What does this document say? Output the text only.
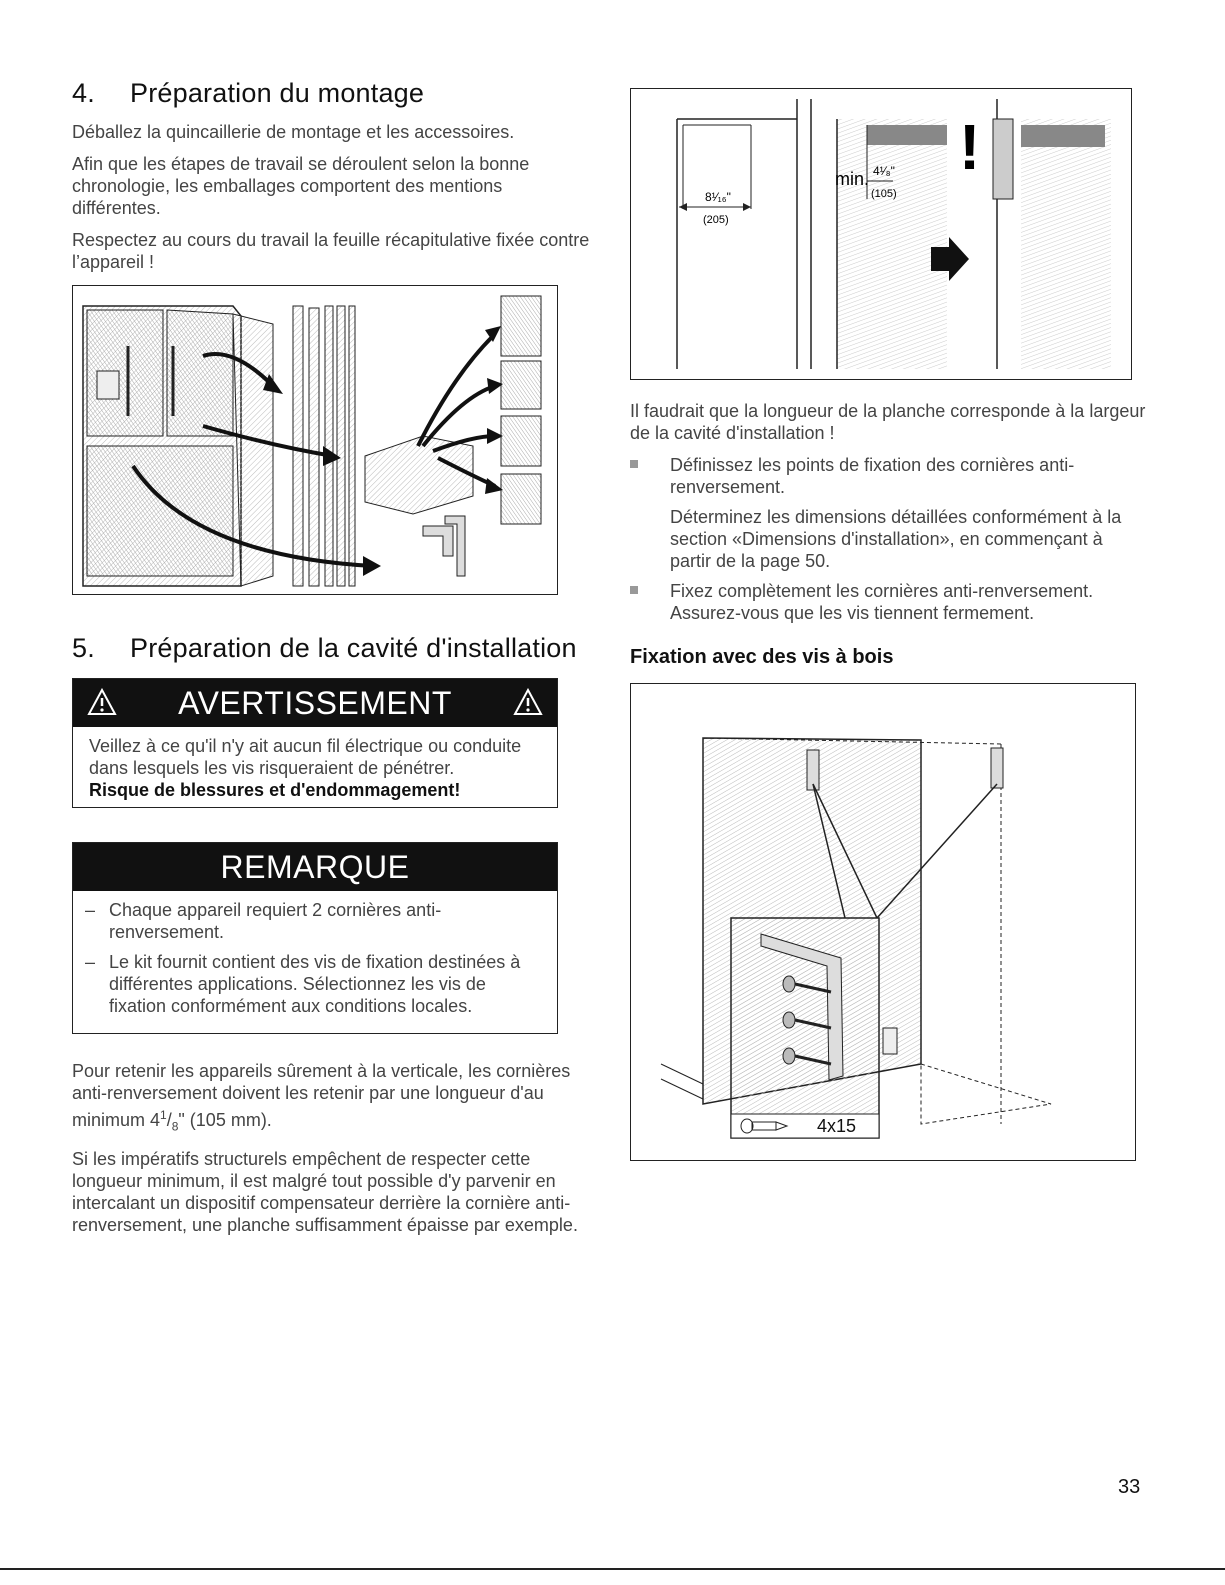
4. Préparation du montage

Déballez la quincaillerie de montage et les accessoires.

Afin que les étapes de travail se déroulent selon la bonne chronologie, les emballages comportent des mentions différentes.

Respectez au cours du travail la feuille récapitulative fixée contre l’appareil !

5. Préparation de la cavité d'installation
AVERTISSEMENT
Veillez à ce qu'il n'y ait aucun fil électrique ou conduite dans lesquels les vis risqueraient de pénétrer.
Risque de blessures et d'endommagement!
REMARQUE
– Chaque appareil requiert 2 cornières anti-renversement.
– Le kit fournit contient des vis de fixation destinées à différentes applications. Sélectionnez les vis de fixation conformément aux conditions locales.

Pour retenir les appareils sûrement à la verticale, les cornières anti-renversement doivent les retenir par une longueur d'au minimum $4^1/_8$" (105 mm).

Si les impératifs structurels empêchent de respecter cette longueur minimum, il est malgré tout possible d'y parvenir en intercalant un dispositif compensateur derrière la cornière anti-renversement, une planche suffisamment épaisse par exemple.

8¹⁄₁₆"
(205)
min. 4¹⁄₈"
(105)
!

Il faudrait que la longueur de la planche corresponde à la largeur de la cavité d'installation !

Définissez les points de fixation des cornières anti-renversement.

Déterminez les dimensions détaillées conformément à la section «Dimensions d'installation», en commençant à partir de la page 50.

Fixez complètement les cornières anti-renversement. Assurez-vous que les vis tiennent fermement.

Fixation avec des vis à bois
4x15
33
